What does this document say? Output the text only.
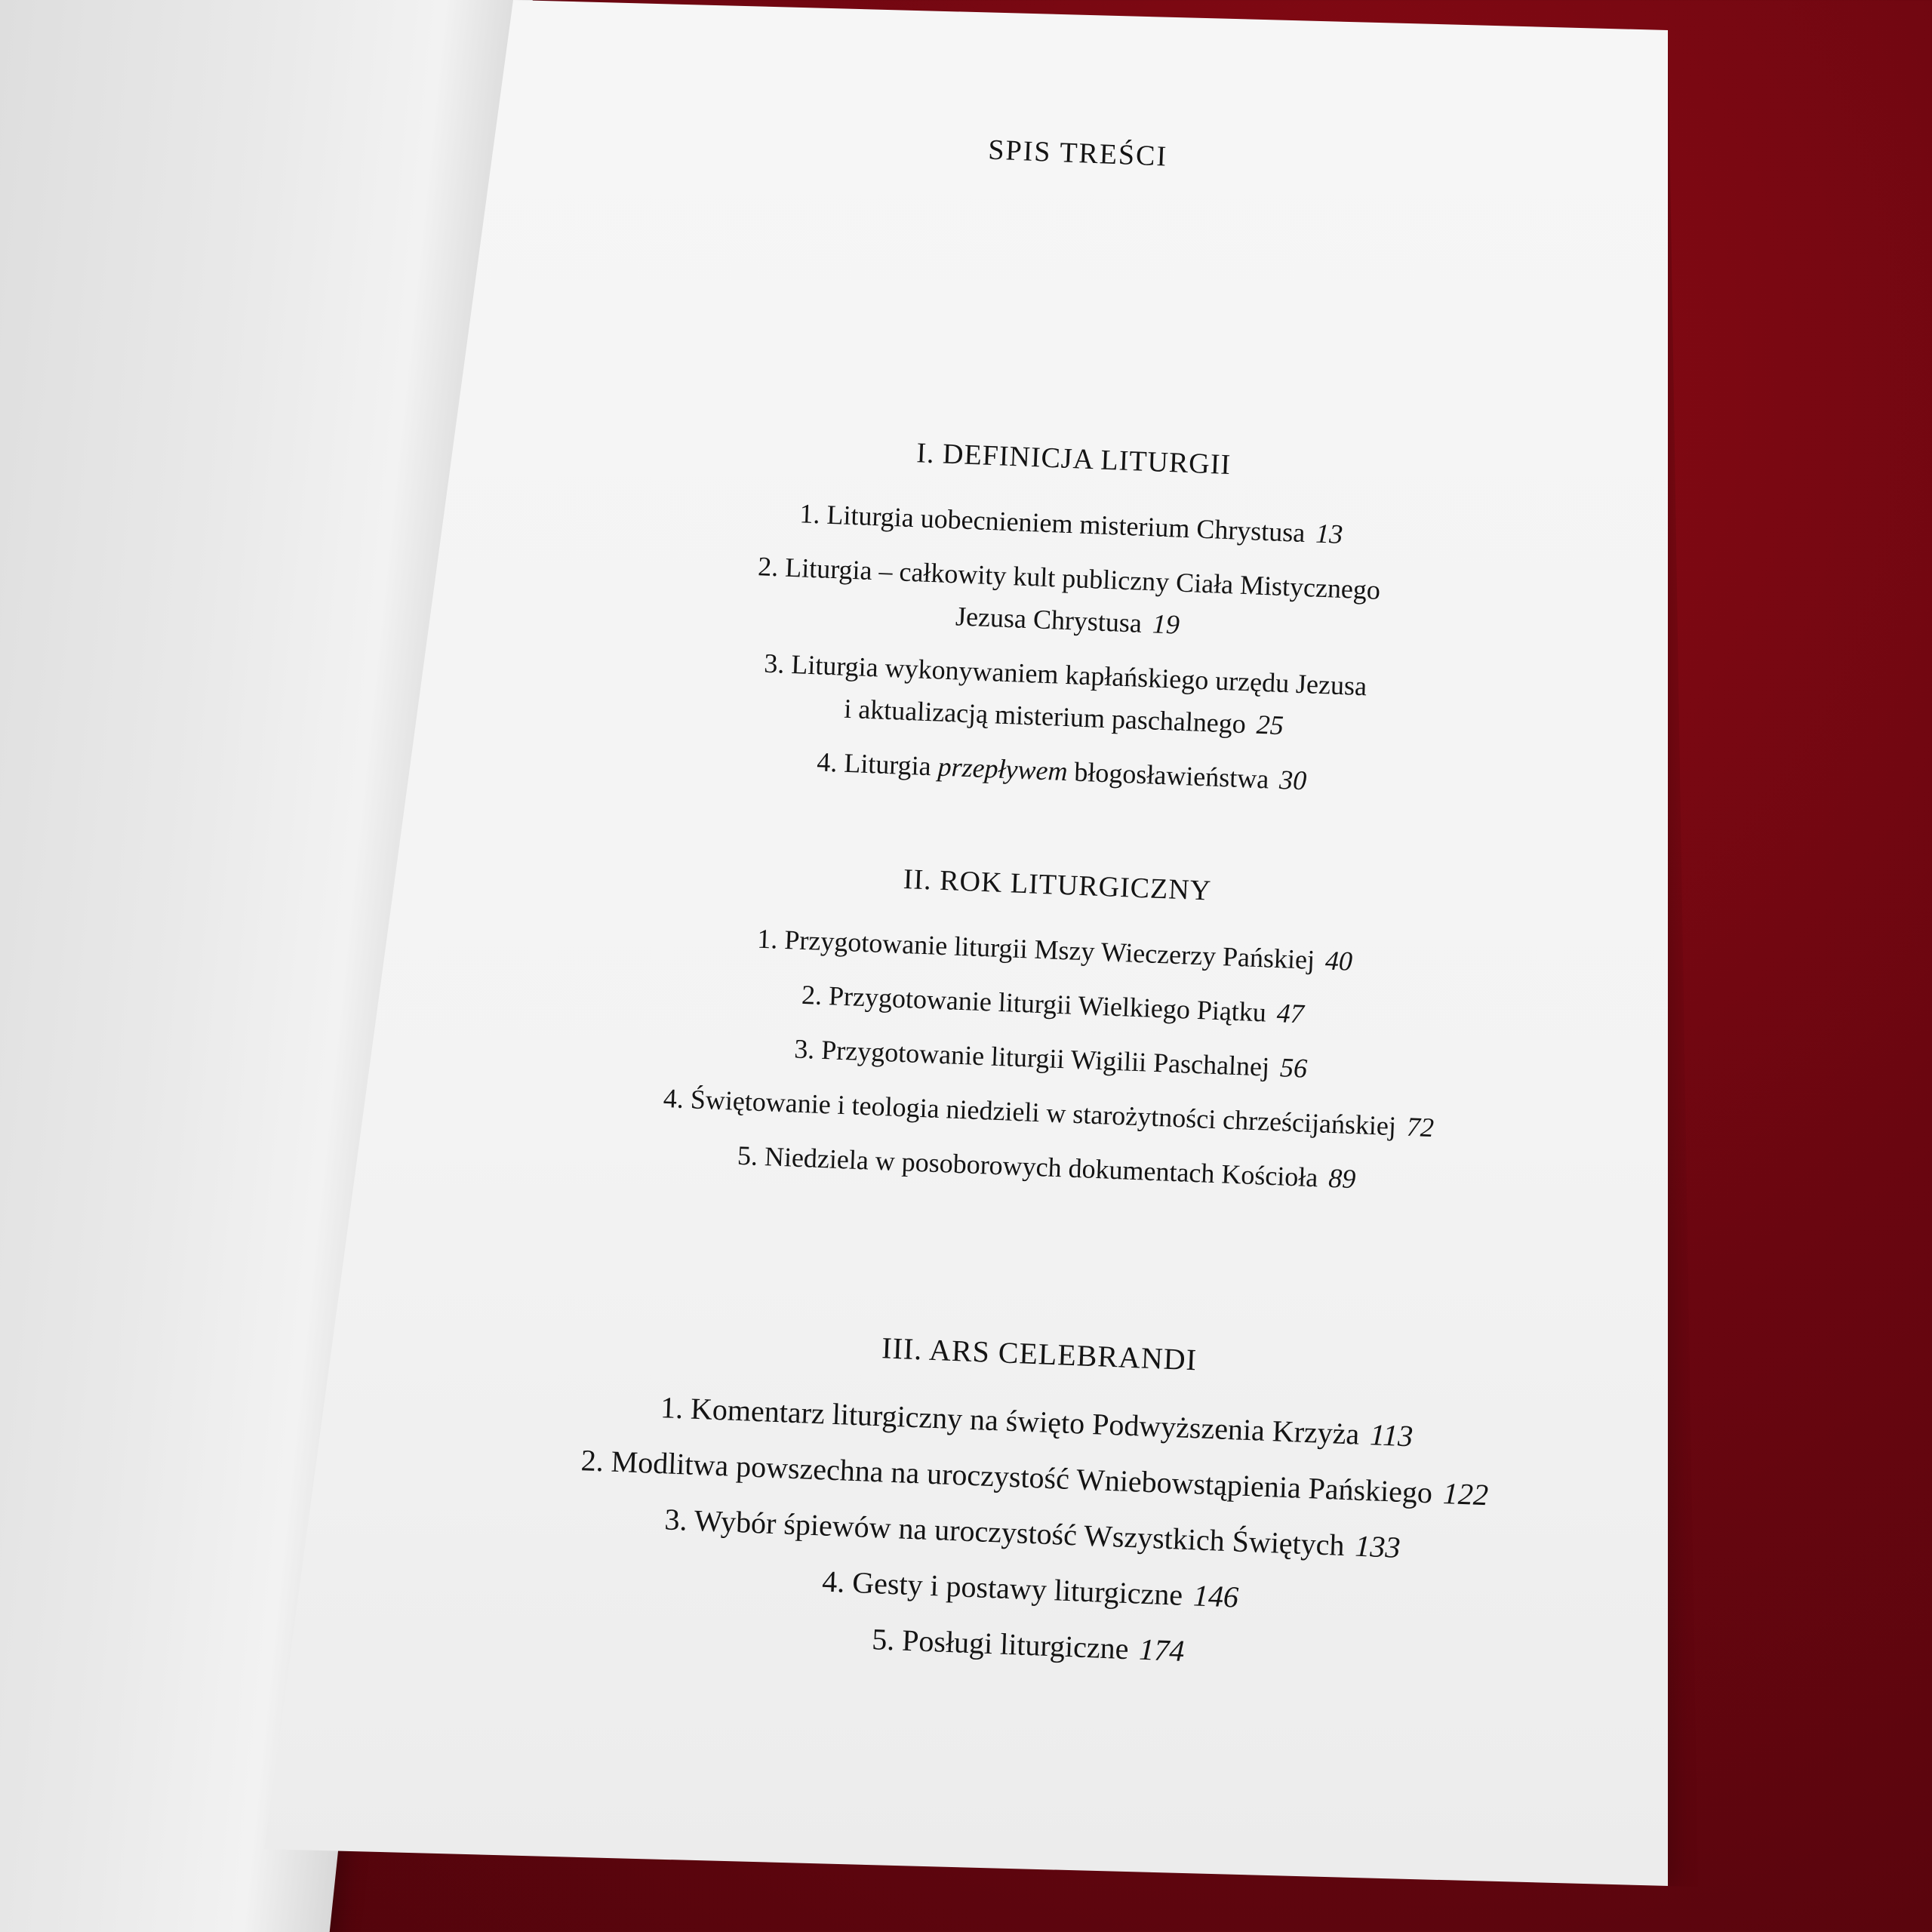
SPIS TREŚCI
I. DEFINICJA LITURGII
1. Liturgia uobecnieniem misterium Chrystusa 13
2. Liturgia – całkowity kult publiczny Ciała Mistycznego
Jezusa Chrystusa 19
3. Liturgia wykonywaniem kapłańskiego urzędu Jezusa
i aktualizacją misterium paschalnego 25
4. Liturgia przepływem błogosławieństwa 30
II. ROK LITURGICZNY
1. Przygotowanie liturgii Mszy Wieczerzy Pańskiej 40
2. Przygotowanie liturgii Wielkiego Piątku 47
3. Przygotowanie liturgii Wigilii Paschalnej 56
4. Świętowanie i teologia niedzieli w starożytności chrześcijańskiej 72
5. Niedziela w posoborowych dokumentach Kościoła 89
III. ARS CELEBRANDI
1. Komentarz liturgiczny na święto Podwyższenia Krzyża 113
2. Modlitwa powszechna na uroczystość Wniebowstąpienia Pańskiego 122
3. Wybór śpiewów na uroczystość Wszystkich Świętych 133
4. Gesty i postawy liturgiczne 146
5. Posługi liturgiczne 174
